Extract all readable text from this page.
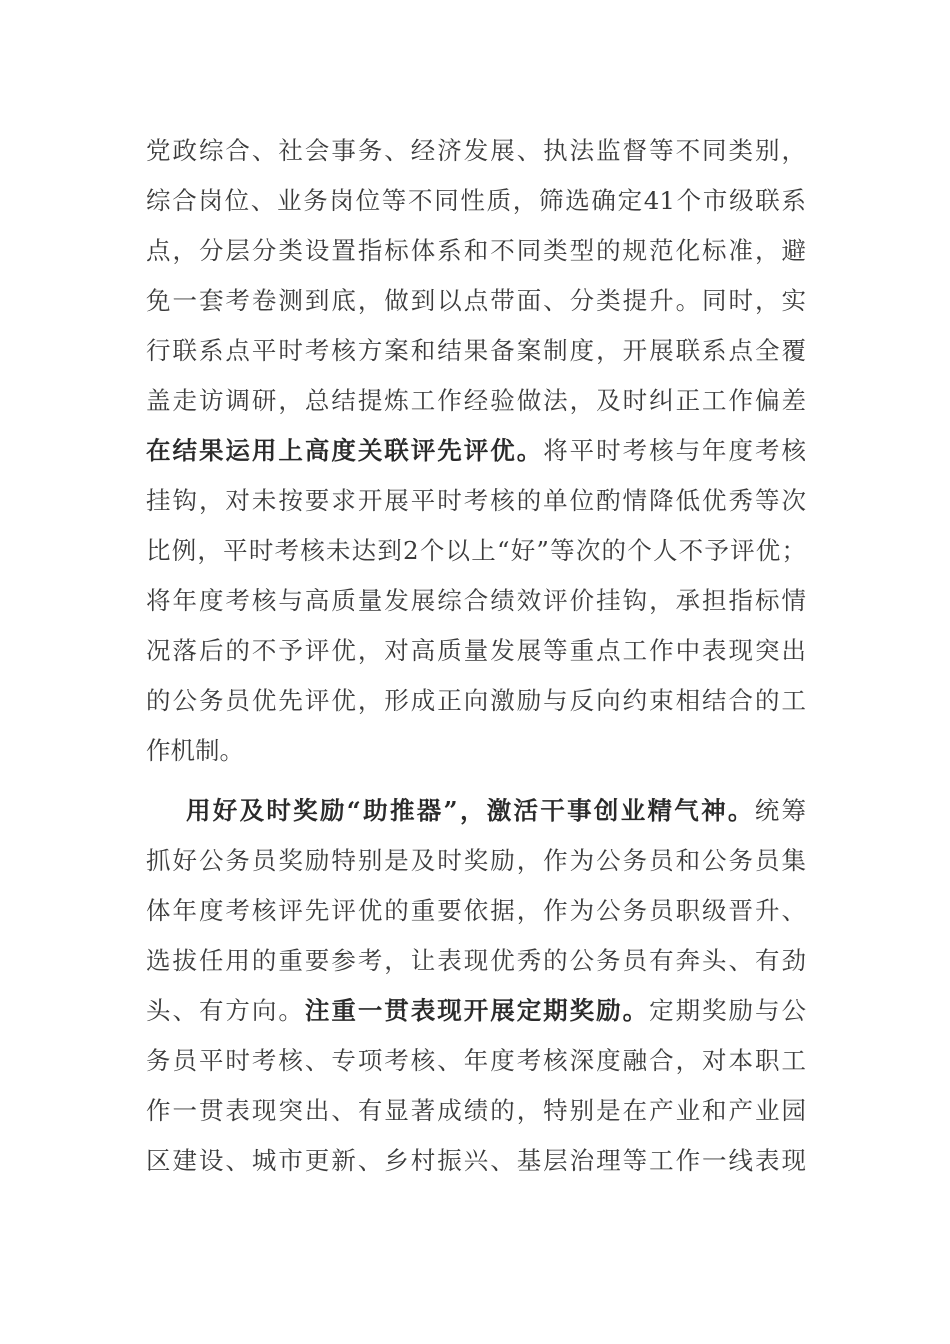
党政综合、社会事务、经济发展、执法监督等不同类别，
综合岗位、业务岗位等不同性质，筛选确定41个市级联系
点，分层分类设置指标体系和不同类型的规范化标准，避
免一套考卷测到底，做到以点带面、分类提升。同时，实
行联系点平时考核方案和结果备案制度，开展联系点全覆
盖走访调研，总结提炼工作经验做法，及时纠正工作偏差
在结果运用上高度关联评先评优。将平时考核与年度考核
挂钩，对未按要求开展平时考核的单位酌情降低优秀等次
比例，平时考核未达到2个以上“好”等次的个人不予评优；
将年度考核与高质量发展综合绩效评价挂钩，承担指标情
况落后的不予评优，对高质量发展等重点工作中表现突出
的公务员优先评优，形成正向激励与反向约束相结合的工
作机制。
用好及时奖励“助推器”，激活干事创业精气神。统筹
抓好公务员奖励特别是及时奖励，作为公务员和公务员集
体年度考核评先评优的重要依据，作为公务员职级晋升、
选拔任用的重要参考，让表现优秀的公务员有奔头、有劲
头、有方向。注重一贯表现开展定期奖励。定期奖励与公
务员平时考核、专项考核、年度考核深度融合，对本职工
作一贯表现突出、有显著成绩的，特别是在产业和产业园
区建设、城市更新、乡村振兴、基层治理等工作一线表现
